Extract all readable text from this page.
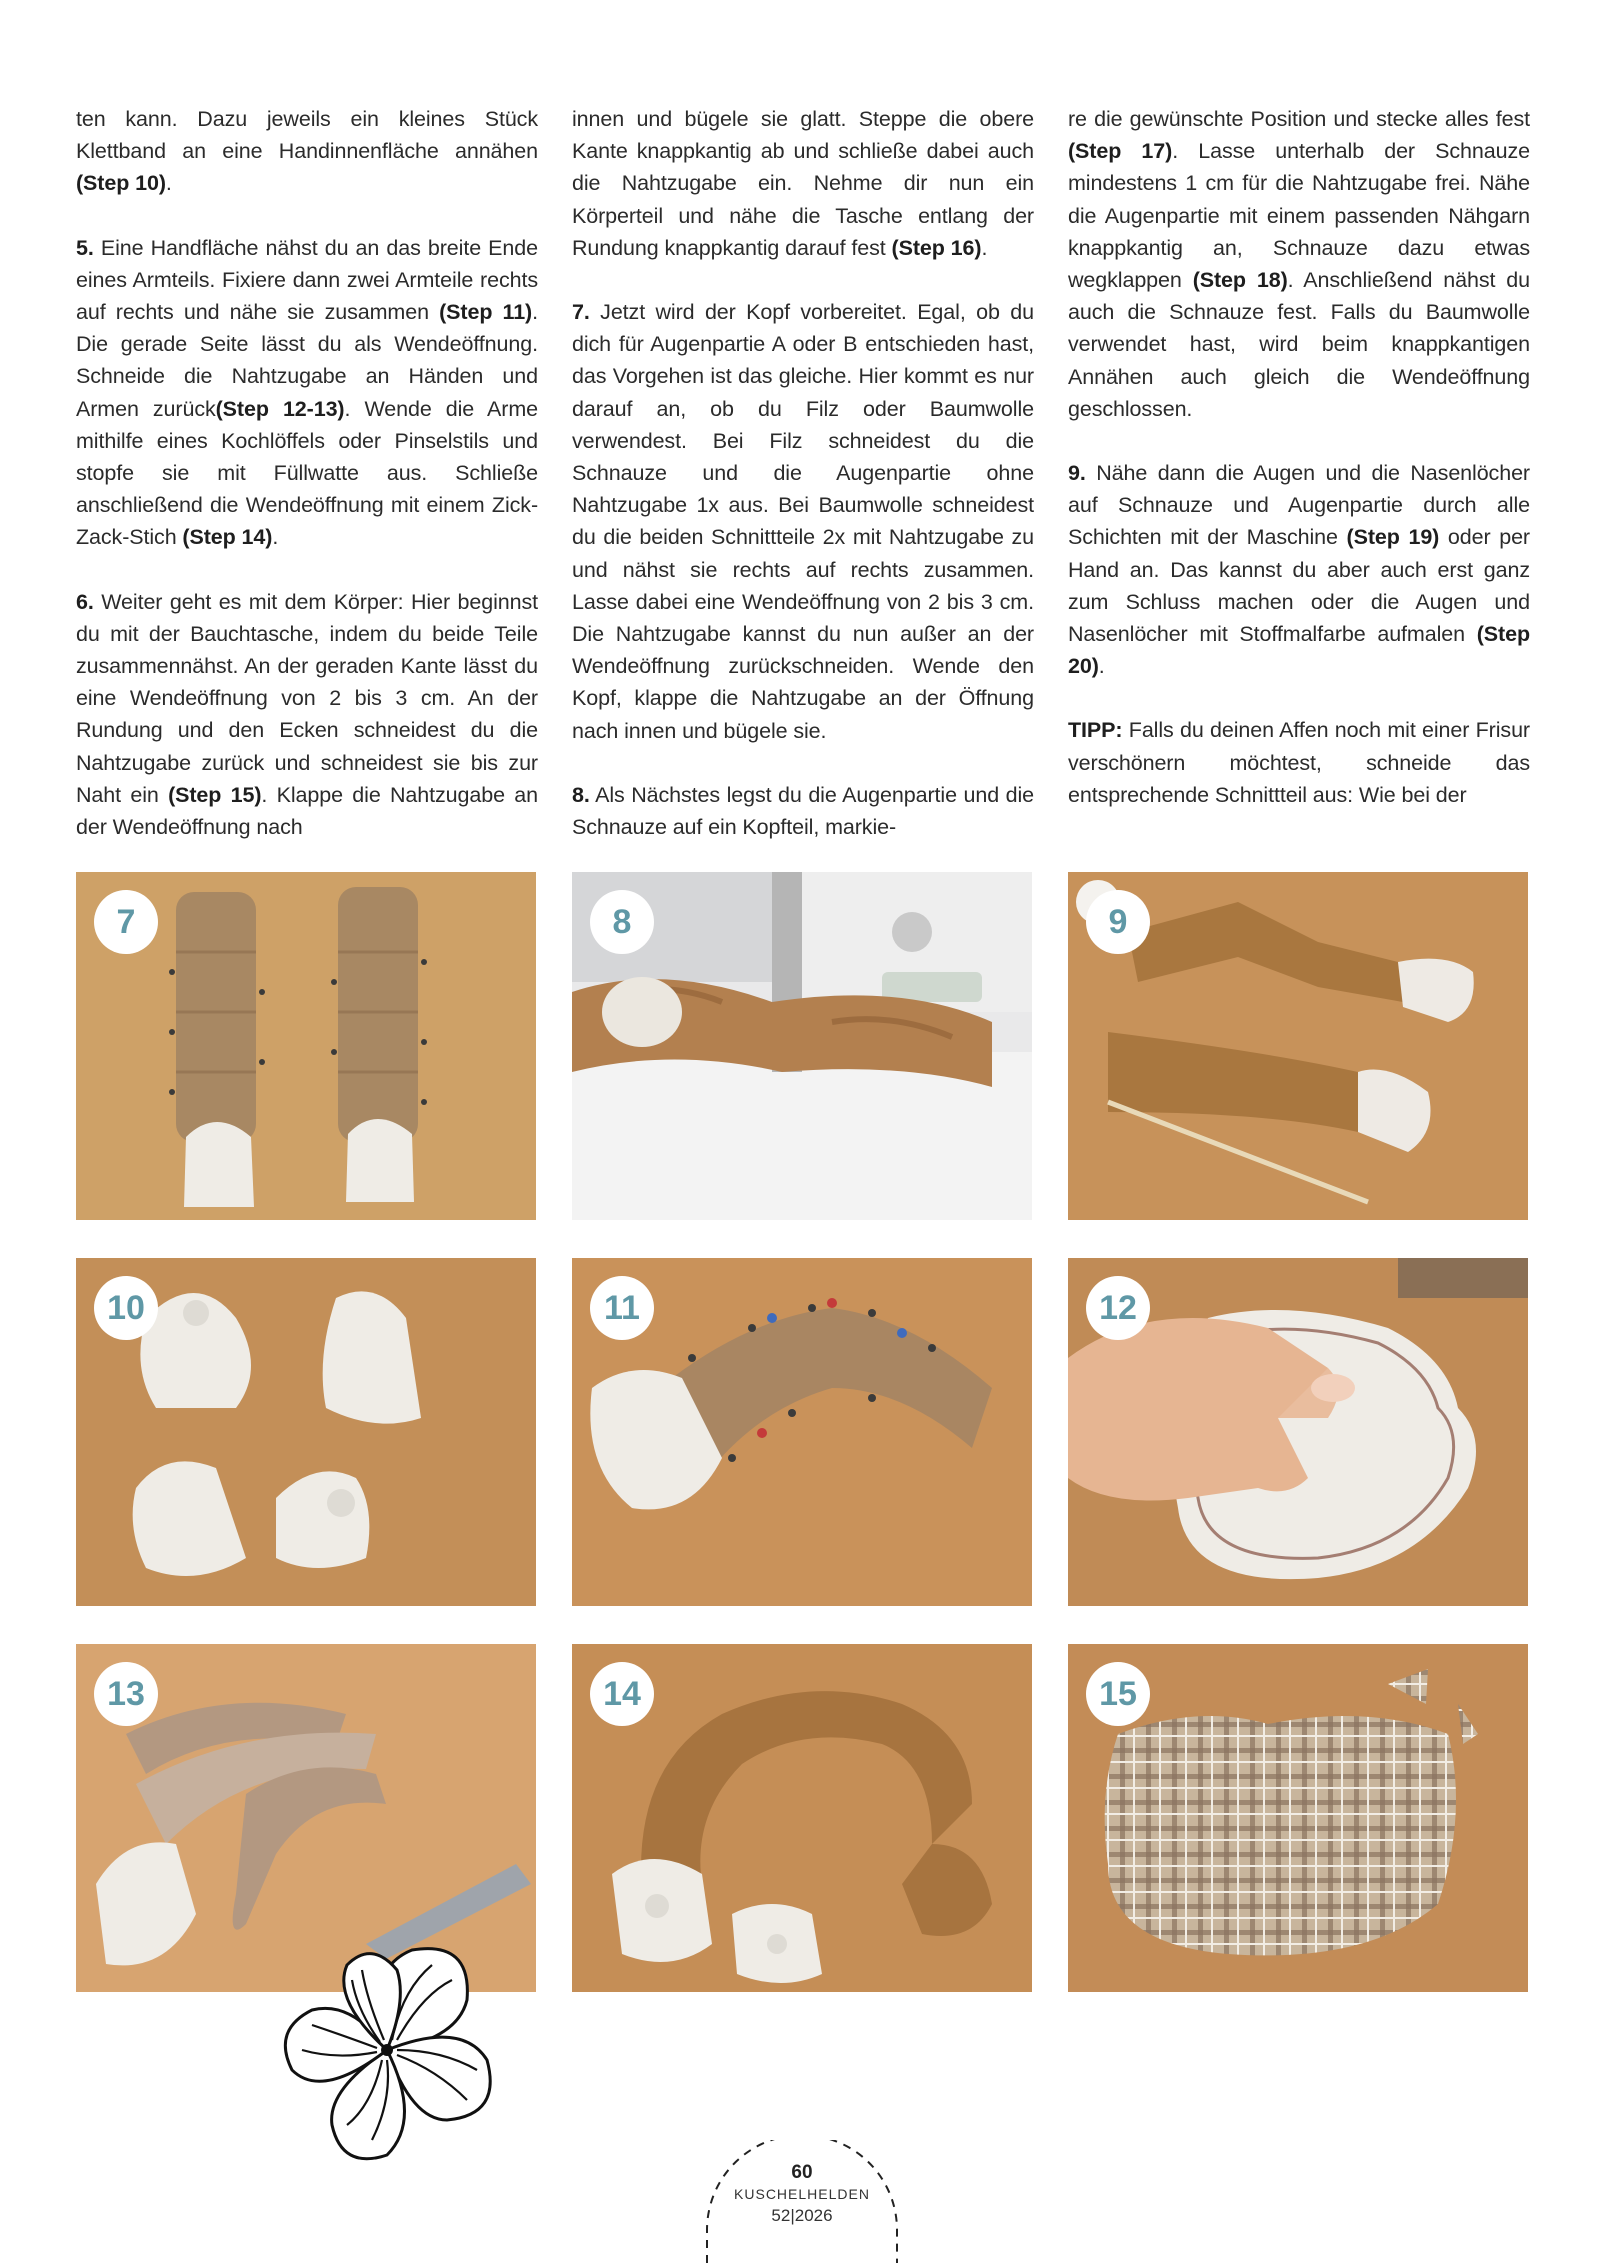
ten kann. Dazu jeweils ein kleines Stück Klettband an eine Handinnenfläche annähen (Step 10).

5. Eine Handfläche nähst du an das breite Ende eines Armteils. Fixiere dann zwei Armteile rechts auf rechts und nähe sie zusammen (Step 11). Die gerade Seite lässt du als Wendeöffnung. Schneide die Nahtzugabe an Händen und Armen zurück(Step 12-13). Wende die Arme mithilfe eines Kochlöffels oder Pinselstils und stopfe sie mit Füllwatte aus. Schließe anschließend die Wendeöffnung mit einem Zick-Zack-Stich (Step 14).

6. Weiter geht es mit dem Körper: Hier beginnst du mit der Bauchtasche, indem du beide Teile zusammennähst. An der geraden Kante lässt du eine Wendeöffnung von 2 bis 3 cm. An der Rundung und den Ecken schneidest du die Nahtzugabe zurück und schneidest sie bis zur Naht ein (Step 15). Klappe die Nahtzugabe an der Wendeöffnung nach

innen und bügele sie glatt. Steppe die obere Kante knappkantig ab und schließe dabei auch die Nahtzugabe ein. Nehme dir nun ein Körperteil und nähe die Tasche entlang der Rundung knappkantig darauf fest (Step 16).

7. Jetzt wird der Kopf vorbereitet. Egal, ob du dich für Augenpartie A oder B entschieden hast, das Vorgehen ist das gleiche. Hier kommt es nur darauf an, ob du Filz oder Baumwolle verwendest. Bei Filz schneidest du die Schnauze und die Augenpartie ohne Nahtzugabe 1x aus. Bei Baumwolle schneidest du die beiden Schnittteile 2x mit Nahtzugabe zu und nähst sie rechts auf rechts zusammen. Lasse dabei eine Wendeöffnung von 2 bis 3 cm. Die Nahtzugabe kannst du nun außer an der Wendeöffnung zurückschneiden. Wende den Kopf, klappe die Nahtzugabe an der Öffnung nach innen und bügele sie.

8. Als Nächstes legst du die Augenpartie und die Schnauze auf ein Kopfteil, markie-

re die gewünschte Position und stecke alles fest (Step 17). Lasse unterhalb der Schnauze mindestens 1 cm für die Nahtzugabe frei. Nähe die Augenpartie mit einem passenden Nähgarn knappkantig an, Schnauze dazu etwas wegklappen (Step 18). Anschließend nähst du auch die Schnauze fest. Falls du Baumwolle verwendet hast, wird beim knappkantigen Annähen auch gleich die Wendeöffnung geschlossen.

9. Nähe dann die Augen und die Nasenlöcher auf Schnauze und Augenpartie durch alle Schichten mit der Maschine (Step 19) oder per Hand an. Das kannst du aber auch erst ganz zum Schluss machen oder die Augen und Nasenlöcher mit Stoffmalfarbe aufmalen (Step 20).

TIPP: Falls du deinen Affen noch mit einer Frisur verschönern möchtest, schneide das entsprechende Schnittteil aus: Wie bei der

7	8	9
10	11	12
13	14	15
60
KUSCHELHELDEN
52|2026
